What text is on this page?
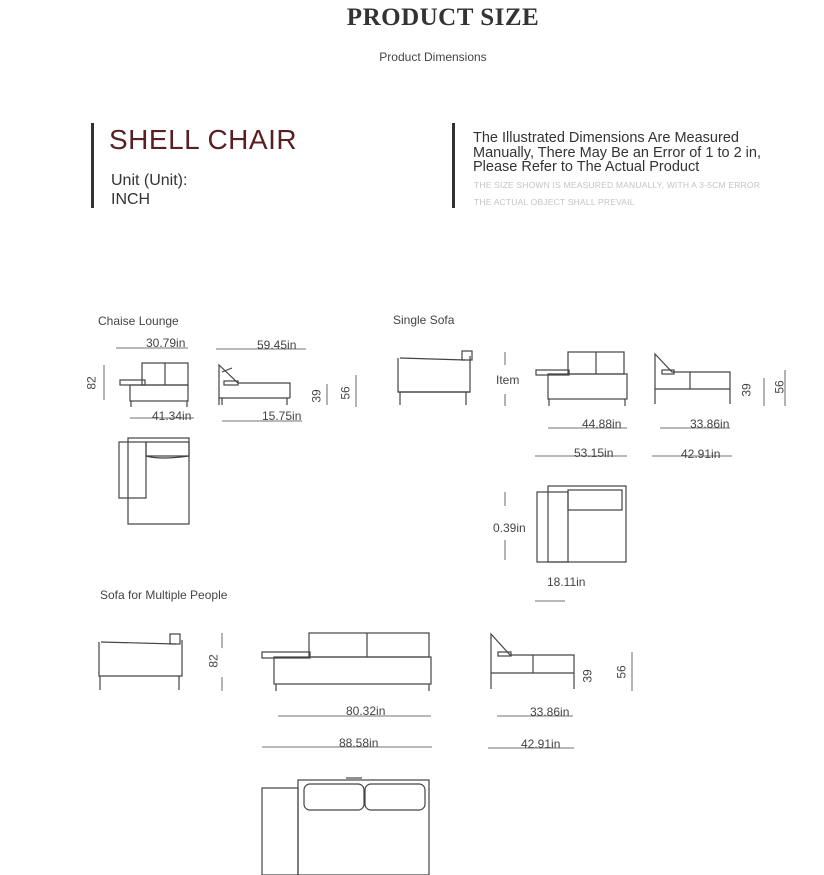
PRODUCT SIZE
Product Dimensions
SHELL CHAIR
Unit (Unit):
INCH
The Illustrated Dimensions Are Measured Manually, There May Be an Error of 1 to 2 in, Please Refer to The Actual Product
THE SIZE SHOWN IS MEASURED MANUALLY, WITH A 3-5CM ERROR
THE ACTUAL OBJECT SHALL PREVAIL
Chaise Lounge	Single Sofa
Sofa for Multiple People
30.79in	59.45in
41.34in	15.75in
82
39 56
Item
44.88in
53.15in
33.86in
42.91in
39 56
0.39in
18.11in
82
80.32in
88.58in
33.86in
42.91in
39 56
